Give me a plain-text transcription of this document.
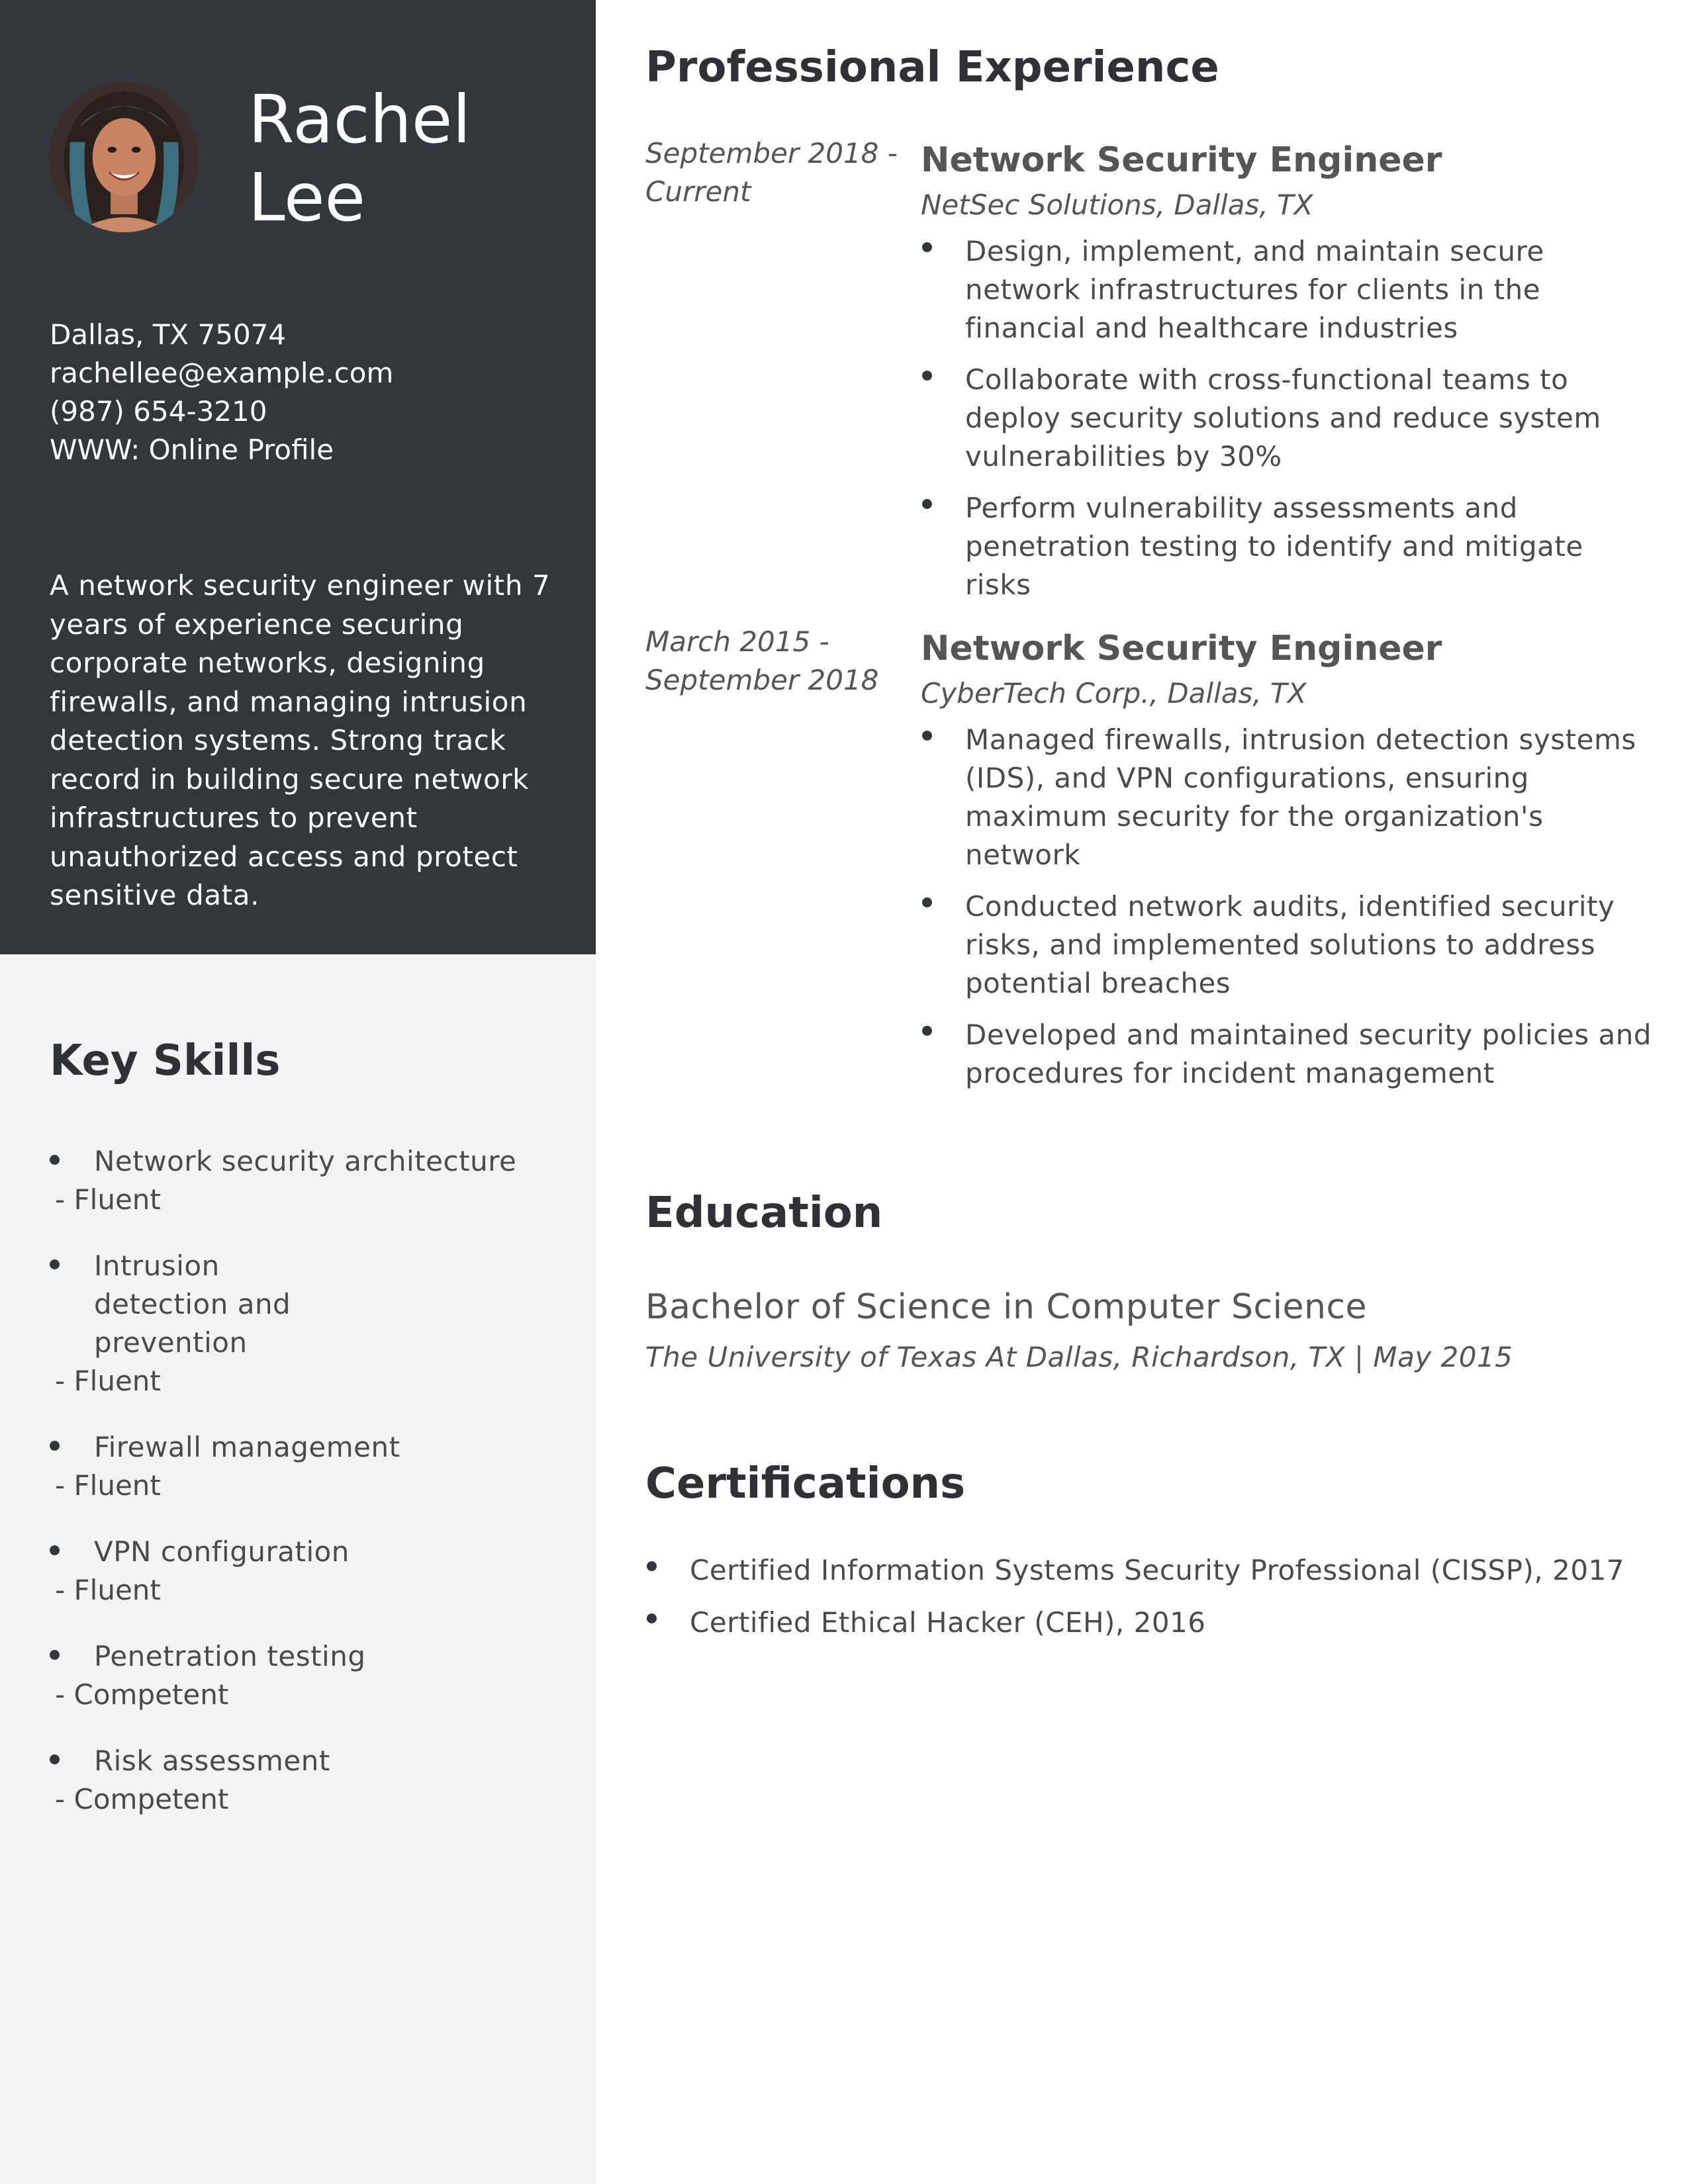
Rachel
Lee
Dallas, TX 75074
rachellee@example.com
(987) 654-3210
WWW: Online Profile

A network security engineer with 7 years of experience securing corporate networks, designing firewalls, and managing intrusion detection systems. Strong track record in building secure network infrastructures to prevent unauthorized access and protect sensitive data.

Key Skills
Network security architecture
- Fluent
Intrusion detection and prevention
- Fluent
Firewall management
- Fluent
VPN configuration
- Fluent
Penetration testing
- Competent
Risk assessment
- Competent
Professional Experience
September 2018 - Current
Network Security Engineer
NetSec Solutions, Dallas, TX
Design, implement, and maintain secure network infrastructures for clients in the financial and healthcare industries
Collaborate with cross-functional teams to deploy security solutions and reduce system vulnerabilities by 30%
Perform vulnerability assessments and penetration testing to identify and mitigate risks
March 2015 - September 2018
Network Security Engineer
CyberTech Corp., Dallas, TX
Managed firewalls, intrusion detection systems (IDS), and VPN configurations, ensuring maximum security for the organization's network
Conducted network audits, identified security risks, and implemented solutions to address potential breaches
Developed and maintained security policies and procedures for incident management
Education
Bachelor of Science in Computer Science
The University of Texas At Dallas, Richardson, TX | May 2015
Certifications
Certified Information Systems Security Professional (CISSP), 2017
Certified Ethical Hacker (CEH), 2016
